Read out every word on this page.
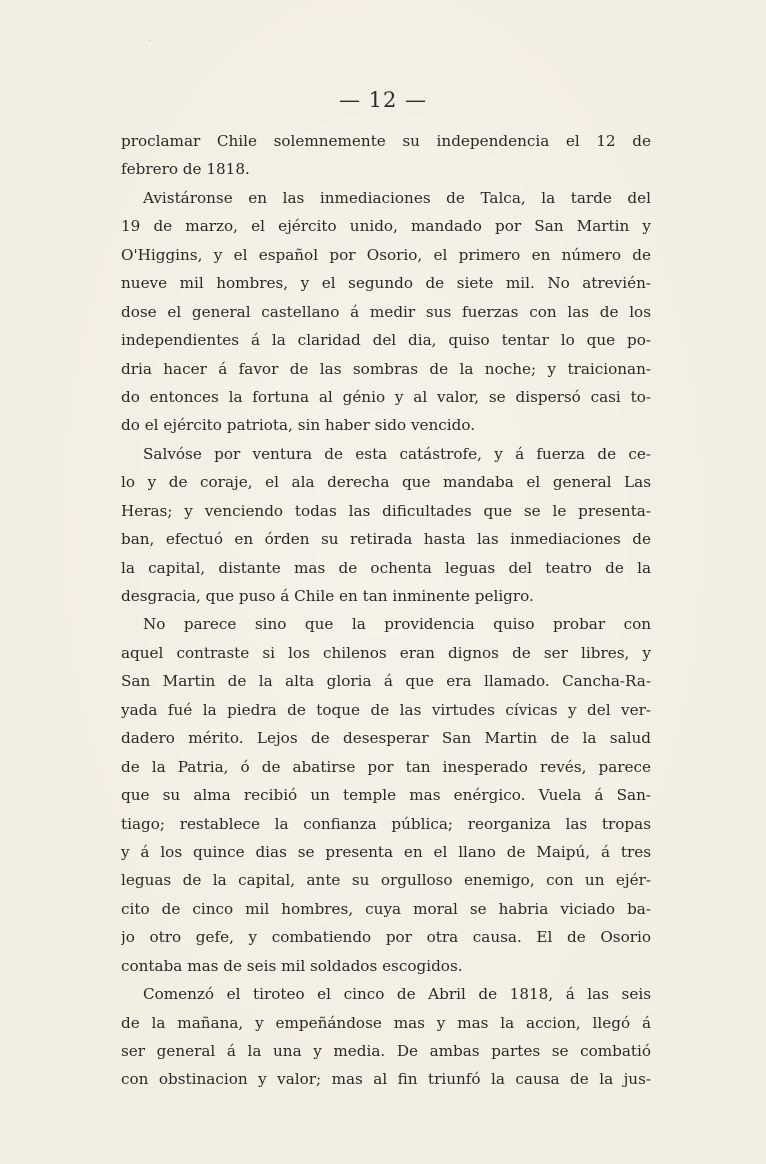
·
— 12 —
proclamar Chile solemnemente su independencia el 12 de
febrero de 1818.
Avistáronse en las inmediaciones de Talca, la tarde del
19 de marzo, el ejército unido, mandado por San Martin y
O'Higgins, y el español por Osorio, el primero en número de
nueve mil hombres, y el segundo de siete mil. No atrevién-
dose el general castellano á medir sus fuerzas con las de los
independientes á la claridad del dia, quiso tentar lo que po-
dria hacer á favor de las sombras de la noche; y traicionan-
do entonces la fortuna al génio y al valor, se dispersó casi to-
do el ejército patriota, sin haber sido vencido.
Salvóse por ventura de esta catástrofe, y á fuerza de ce-
lo y de coraje, el ala derecha que mandaba el general Las
Heras; y venciendo todas las dificultades que se le presenta-
ban, efectuó en órden su retirada hasta las inmediaciones de
la capital, distante mas de ochenta leguas del teatro de la
desgracia, que puso á Chile en tan inminente peligro.
No parece sino que la providencia quiso probar con
aquel contraste si los chilenos eran dignos de ser libres, y
San Martin de la alta gloria á que era llamado. Cancha-Ra-
yada fué la piedra de toque de las virtudes cívicas y del ver-
dadero mérito. Lejos de desesperar San Martin de la salud
de la Patria, ó de abatirse por tan inesperado revés, parece
que su alma recibió un temple mas enérgico. Vuela á San-
tiago; restablece la confianza pública; reorganiza las tropas
y á los quince dias se presenta en el llano de Maipú, á tres
leguas de la capital, ante su orgulloso enemigo, con un ejér-
cito de cinco mil hombres, cuya moral se habria viciado ba-
jo otro gefe, y combatiendo por otra causa. El de Osorio
contaba mas de seis mil soldados escogidos.
Comenzó el tiroteo el cinco de Abril de 1818, á las seis
de la mañana, y empeñándose mas y mas la accion, llegó á
ser general á la una y media. De ambas partes se combatió
con obstinacion y valor; mas al fin triunfó la causa de la jus-
